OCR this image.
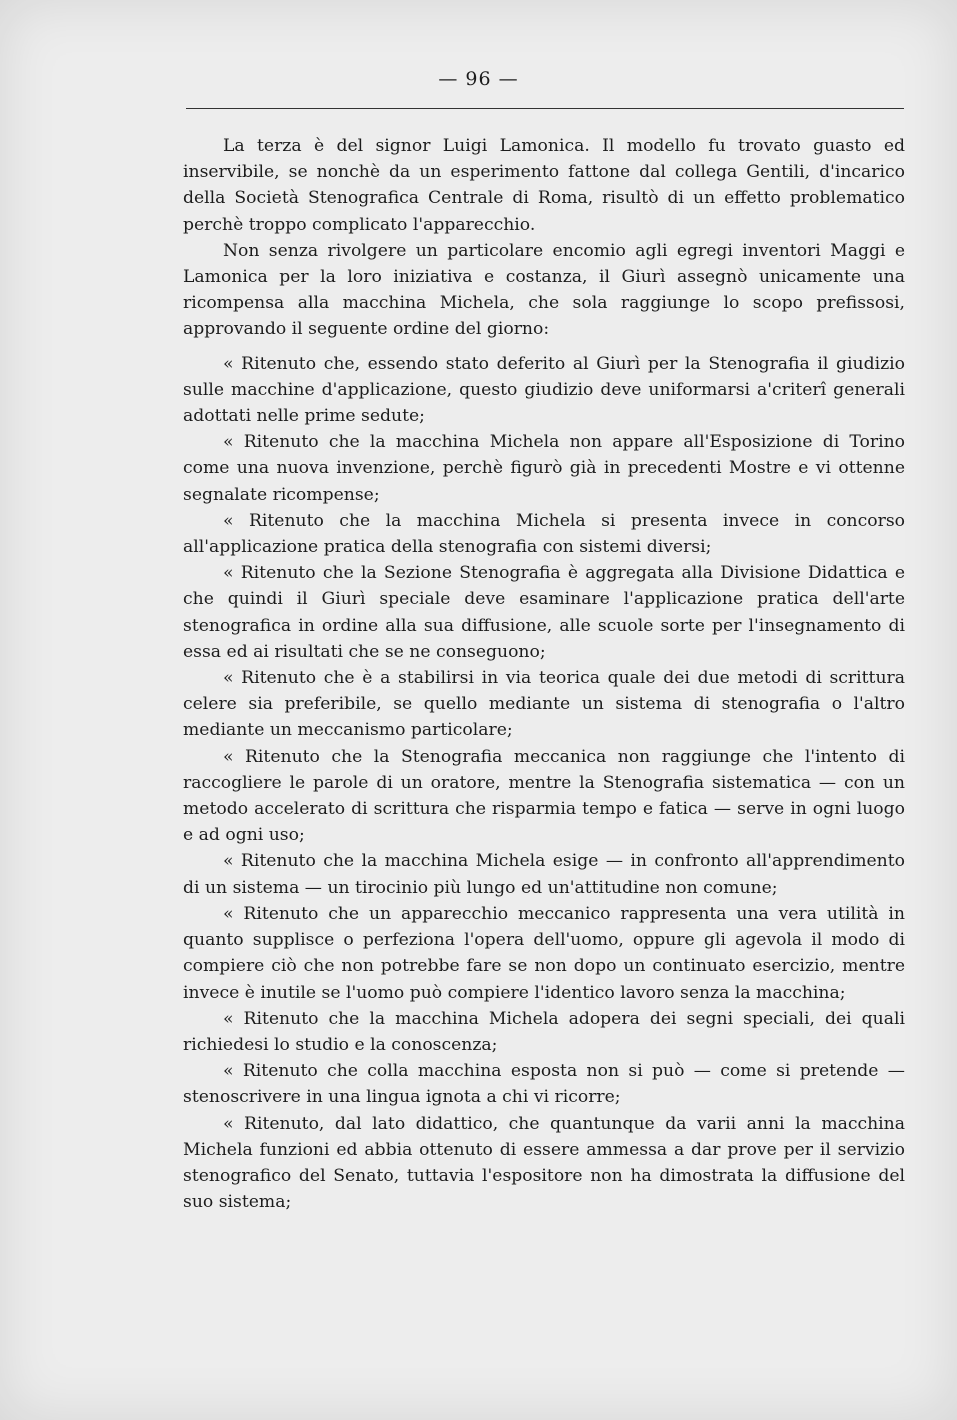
— 96 —

La terza è del signor Luigi Lamonica. Il modello fu trovato guasto ed inservibile, se nonchè da un esperimento fattone dal collega Gentili, d'incarico della Società Stenografica Centrale di Roma, risultò di un effetto problematico perchè troppo complicato l'apparecchio.

Non senza rivolgere un particolare encomio agli egregi inventori Maggi e Lamonica per la loro iniziativa e costanza, il Giurì assegnò unicamente una ricompensa alla macchina Michela, che sola raggiunge lo scopo prefissosi, approvando il seguente ordine del giorno:

« Ritenuto che, essendo stato deferito al Giurì per la Stenografia il giudizio sulle macchine d'applicazione, questo giudizio deve uniformarsi a'criterî generali adottati nelle prime sedute;

« Ritenuto che la macchina Michela non appare all'Esposizione di Torino come una nuova invenzione, perchè figurò già in precedenti Mostre e vi ottenne segnalate ricompense;

« Ritenuto che la macchina Michela si presenta invece in concorso all'applicazione pratica della stenografia con sistemi diversi;

« Ritenuto che la Sezione Stenografia è aggregata alla Divisione Didattica e che quindi il Giurì speciale deve esaminare l'applicazione pratica dell'arte stenografica in ordine alla sua diffusione, alle scuole sorte per l'insegnamento di essa ed ai risultati che se ne conseguono;

« Ritenuto che è a stabilirsi in via teorica quale dei due metodi di scrittura celere sia preferibile, se quello mediante un sistema di stenografia o l'altro mediante un meccanismo particolare;

« Ritenuto che la Stenografia meccanica non raggiunge che l'intento di raccogliere le parole di un oratore, mentre la Stenografia sistematica — con un metodo accelerato di scrittura che risparmia tempo e fatica — serve in ogni luogo e ad ogni uso;

« Ritenuto che la macchina Michela esige — in confronto all'apprendimento di un sistema — un tirocinio più lungo ed un'attitudine non comune;

« Ritenuto che un apparecchio meccanico rappresenta una vera utilità in quanto supplisce o perfeziona l'opera dell'uomo, oppure gli agevola il modo di compiere ciò che non potrebbe fare se non dopo un continuato esercizio, mentre invece è inutile se l'uomo può compiere l'identico lavoro senza la macchina;

« Ritenuto che la macchina Michela adopera dei segni speciali, dei quali richiedesi lo studio e la conoscenza;

« Ritenuto che colla macchina esposta non si può — come si pretende — stenoscrivere in una lingua ignota a chi vi ricorre;

« Ritenuto, dal lato didattico, che quantunque da varii anni la macchina Michela funzioni ed abbia ottenuto di essere ammessa a dar prove per il servizio stenografico del Senato, tuttavia l'espositore non ha dimostrata la diffusione del suo sistema;
